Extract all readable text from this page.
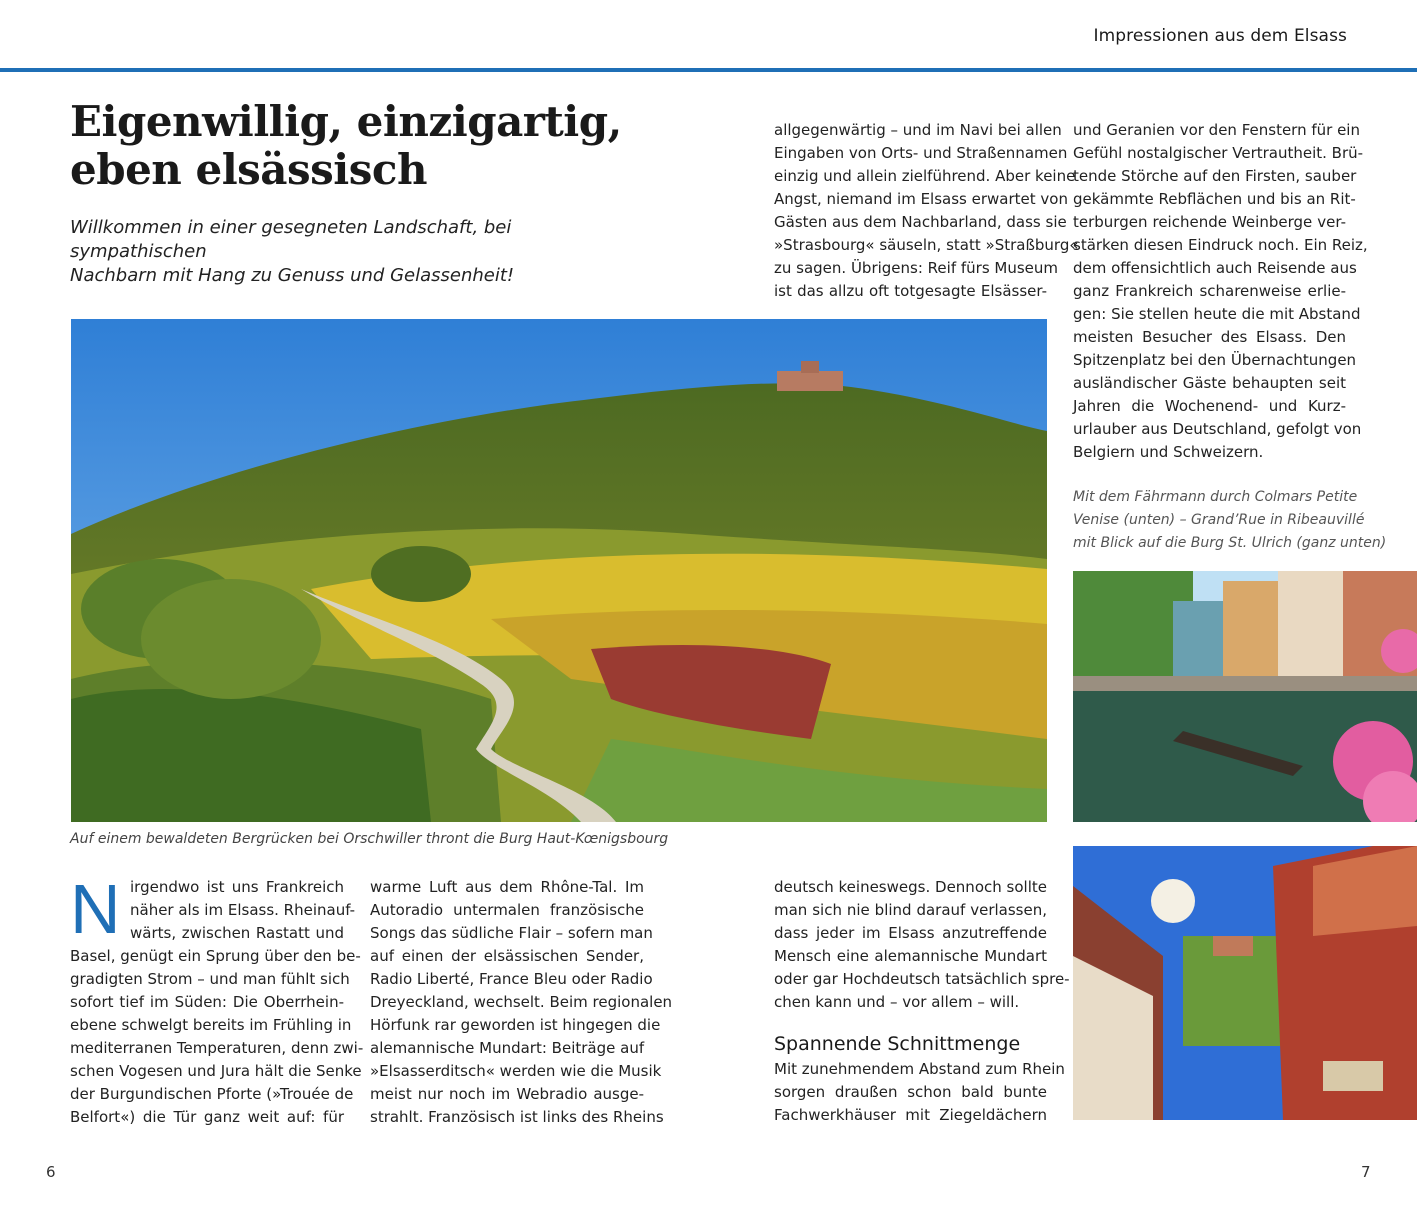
Impressionen aus dem Elsass
Eigenwillig, einzigartig,
eben elsässisch
Willkommen in einer gesegneten Landschaft, bei sympathischen
Nachbarn mit Hang zu Genuss und Gelassenheit!
allgegenwärtig – und im Navi bei allen
Eingaben von Orts- und Straßennamen
einzig und allein zielführend. Aber keine
Angst, niemand im Elsass erwartet von
Gästen aus dem Nachbarland, dass sie
»Strasbourg« säuseln, statt »Straßburg«
zu sagen. Übrigens: Reif fürs Museum
ist das allzu oft totgesagte Elsässer-
und Geranien vor den Fenstern für ein
Gefühl nostalgischer Vertrautheit. Brü-
tende Störche auf den Firsten, sauber
gekämmte Rebflächen und bis an Rit-
terburgen reichende Weinberge ver-
stärken diesen Eindruck noch. Ein Reiz,
dem offensichtlich auch Reisende aus
ganz Frankreich scharenweise erlie-
gen: Sie stellen heute die mit Abstand
meisten Besucher des Elsass. Den
Spitzenplatz bei den Übernachtungen
ausländischer Gäste behaupten seit
Jahren die Wochenend- und Kurz-
urlauber aus Deutschland, gefolgt von
Belgiern und Schweizern.
Mit dem Fährmann durch Colmars Petite
Venise (unten) – Grand’Rue in Ribeauvillé
mit Blick auf die Burg St. Ulrich (ganz unten)
Auf einem bewaldeten Bergrücken bei Orschwiller thront die Burg Haut-Kœnigsbourg
N irgendwo ist uns Frankreich
näher als im Elsass. Rheinauf-
wärts, zwischen Rastatt und
Basel, genügt ein Sprung über den be-
gradigten Strom – und man fühlt sich
sofort tief im Süden: Die Oberrhein-
ebene schwelgt bereits im Frühling in
mediterranen Temperaturen, denn zwi-
schen Vogesen und Jura hält die Senke
der Burgundischen Pforte (»Trouée de
Belfort«) die Tür ganz weit auf: für
warme Luft aus dem Rhône-Tal. Im
Autoradio untermalen französische
Songs das südliche Flair – sofern man
auf einen der elsässischen Sender,
Radio Liberté, France Bleu oder Radio
Dreyeckland, wechselt. Beim regionalen
Hörfunk rar geworden ist hingegen die
alemannische Mundart: Beiträge auf
»Elsasserditsch« werden wie die Musik
meist nur noch im Webradio ausge-
strahlt. Französisch ist links des Rheins
deutsch keineswegs. Dennoch sollte
man sich nie blind darauf verlassen,
dass jeder im Elsass anzutreffende
Mensch eine alemannische Mundart
oder gar Hochdeutsch tatsächlich spre-
chen kann und – vor allem – will.
Spannende Schnittmenge
Mit zunehmendem Abstand zum Rhein
sorgen draußen schon bald bunte
Fachwerkhäuser mit Ziegeldächern
6	7
